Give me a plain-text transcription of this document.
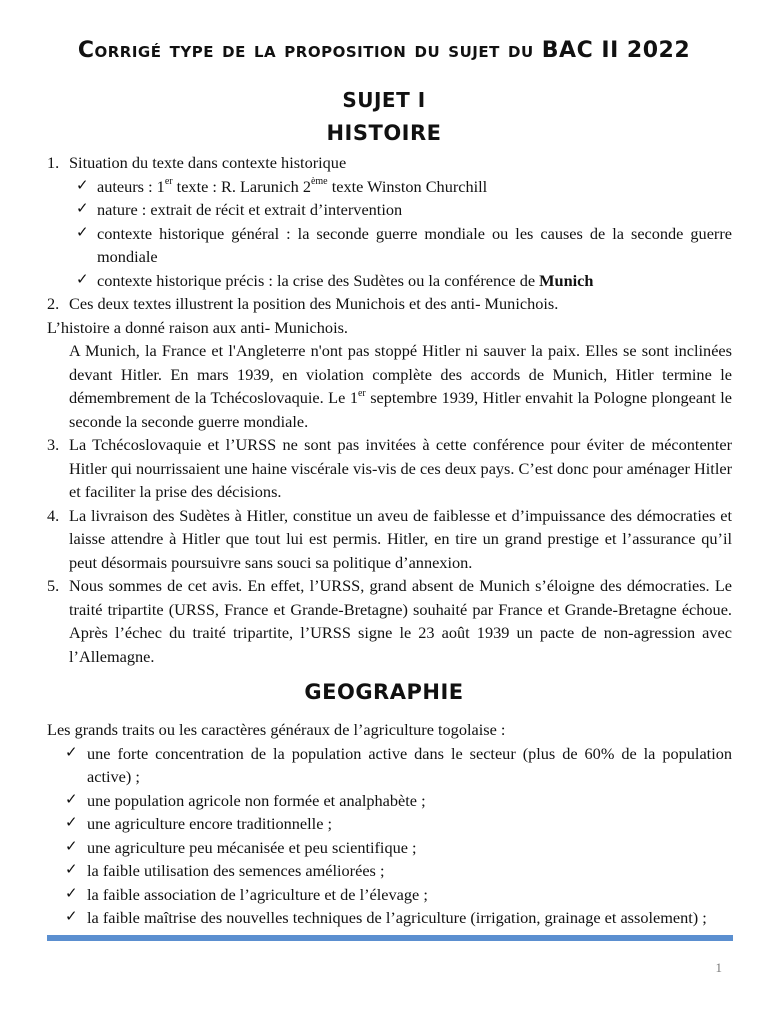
Corrigé type de la proposition du sujet du BAC II 2022
SUJET I
HISTOIRE
1. Situation du texte dans contexte historique
✓ auteurs : 1er texte : R. Larunich 2ème texte Winston Churchill
✓ nature : extrait de récit et extrait d’intervention
✓ contexte historique général : la seconde guerre mondiale ou les causes de la seconde guerre mondiale
✓ contexte historique précis : la crise des Sudètes ou la conférence de Munich
2. Ces deux textes illustrent la position des Munichois et des anti- Munichois.
L’histoire a donné raison aux anti- Munichois.
A Munich, la France et l'Angleterre n'ont pas stoppé Hitler ni sauver la paix. Elles se sont inclinées devant Hitler. En mars 1939, en violation complète des accords de Munich, Hitler termine le démembrement de la Tchécoslovaquie. Le 1er septembre 1939, Hitler envahit la Pologne plongeant le seconde la seconde guerre mondiale.
3. La Tchécoslovaquie et l’URSS ne sont pas invitées à cette conférence pour éviter de mécontenter Hitler qui nourrissaient une haine viscérale vis-vis de ces deux pays. C’est donc pour aménager Hitler et faciliter la prise des décisions.
4. La livraison des Sudètes à Hitler, constitue un aveu de faiblesse et d’impuissance des démocraties et laisse attendre à Hitler que tout lui est permis. Hitler, en tire un grand prestige et l’assurance qu’il peut désormais poursuivre sans souci sa politique d’annexion.
5. Nous sommes de cet avis. En effet, l’URSS, grand absent de Munich s’éloigne des démocraties. Le traité tripartite (URSS, France et Grande-Bretagne) souhaité par France et Grande-Bretagne échoue. Après l’échec du traité tripartite, l’URSS signe le 23 août 1939 un pacte de non-agression avec l’Allemagne.
GEOGRAPHIE
Les grands traits ou les caractères généraux de l’agriculture togolaise :
✓ une forte concentration de la population active dans le secteur (plus de 60% de la population active) ;
✓ une population agricole non formée et analphabète ;
✓ une agriculture encore traditionnelle ;
✓ une agriculture peu mécanisée et peu scientifique ;
✓ la faible utilisation des semences améliorées ;
✓ la faible association de l’agriculture et de l’élevage ;
✓ la faible maîtrise des nouvelles techniques de l’agriculture (irrigation, grainage et assolement) ;
1
